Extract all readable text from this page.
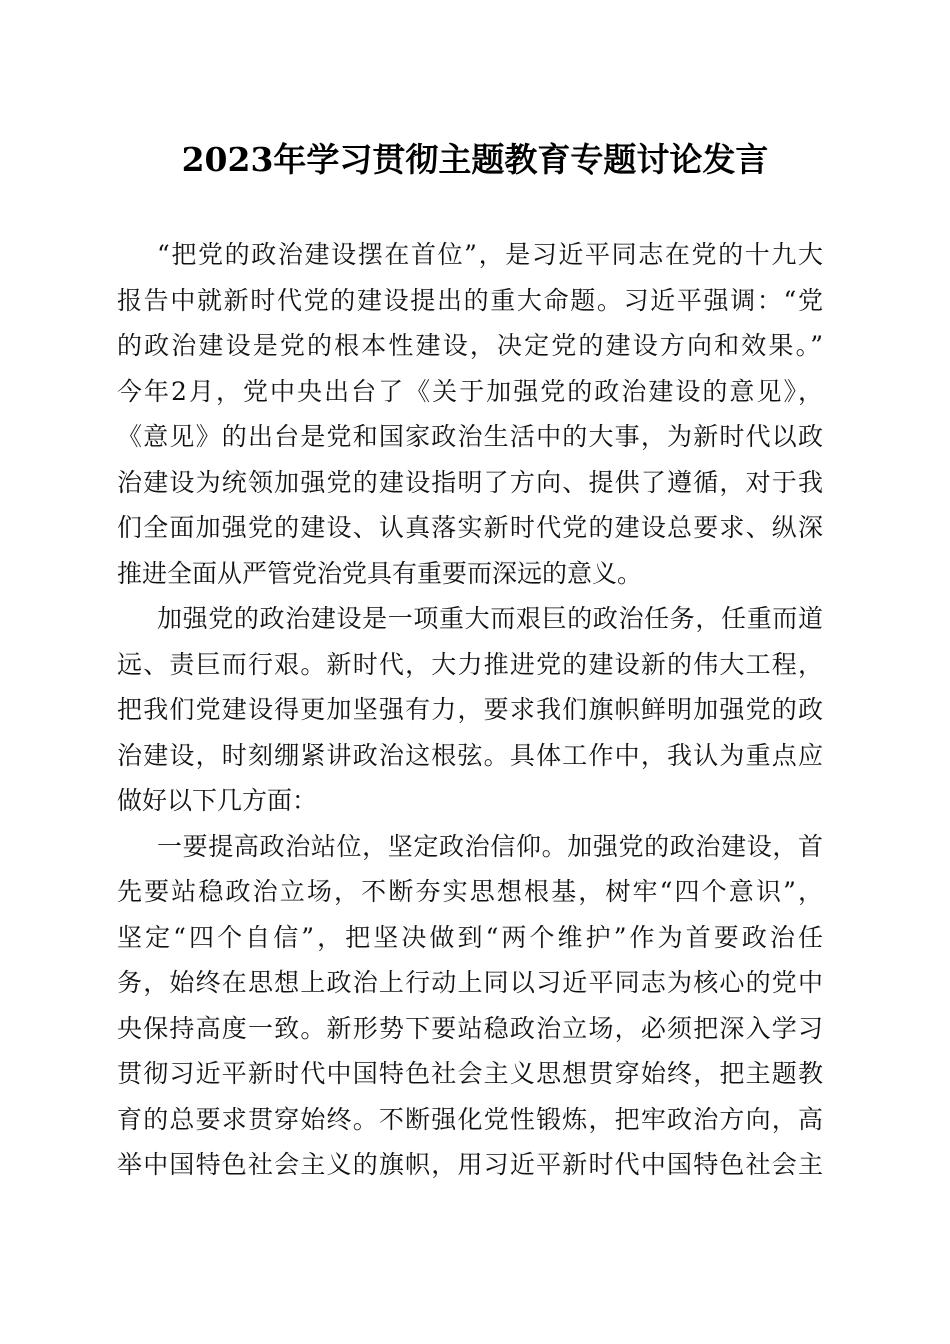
2023年学习贯彻主题教育专题讨论发言
“把党的政治建设摆在首位”，是习近平同志在党的十九大
报告中就新时代党的建设提出的重大命题。习近平强调：“党
的政治建设是党的根本性建设，决定党的建设方向和效果。”
今年2月，党中央出台了《关于加强党的政治建设的意见》，
《意见》的出台是党和国家政治生活中的大事，为新时代以政
治建设为统领加强党的建设指明了方向、提供了遵循，对于我
们全面加强党的建设、认真落实新时代党的建设总要求、纵深
推进全面从严管党治党具有重要而深远的意义。
加强党的政治建设是一项重大而艰巨的政治任务，任重而道
远、责巨而行艰。新时代，大力推进党的建设新的伟大工程，
把我们党建设得更加坚强有力，要求我们旗帜鲜明加强党的政
治建设，时刻绷紧讲政治这根弦。具体工作中，我认为重点应
做好以下几方面：
一要提高政治站位，坚定政治信仰。加强党的政治建设，首
先要站稳政治立场，不断夯实思想根基，树牢“四个意识”，
坚定“四个自信”，把坚决做到“两个维护”作为首要政治任
务，始终在思想上政治上行动上同以习近平同志为核心的党中
央保持高度一致。新形势下要站稳政治立场，必须把深入学习
贯彻习近平新时代中国特色社会主义思想贯穿始终，把主题教
育的总要求贯穿始终。不断强化党性锻炼，把牢政治方向，高
举中国特色社会主义的旗帜，用习近平新时代中国特色社会主
